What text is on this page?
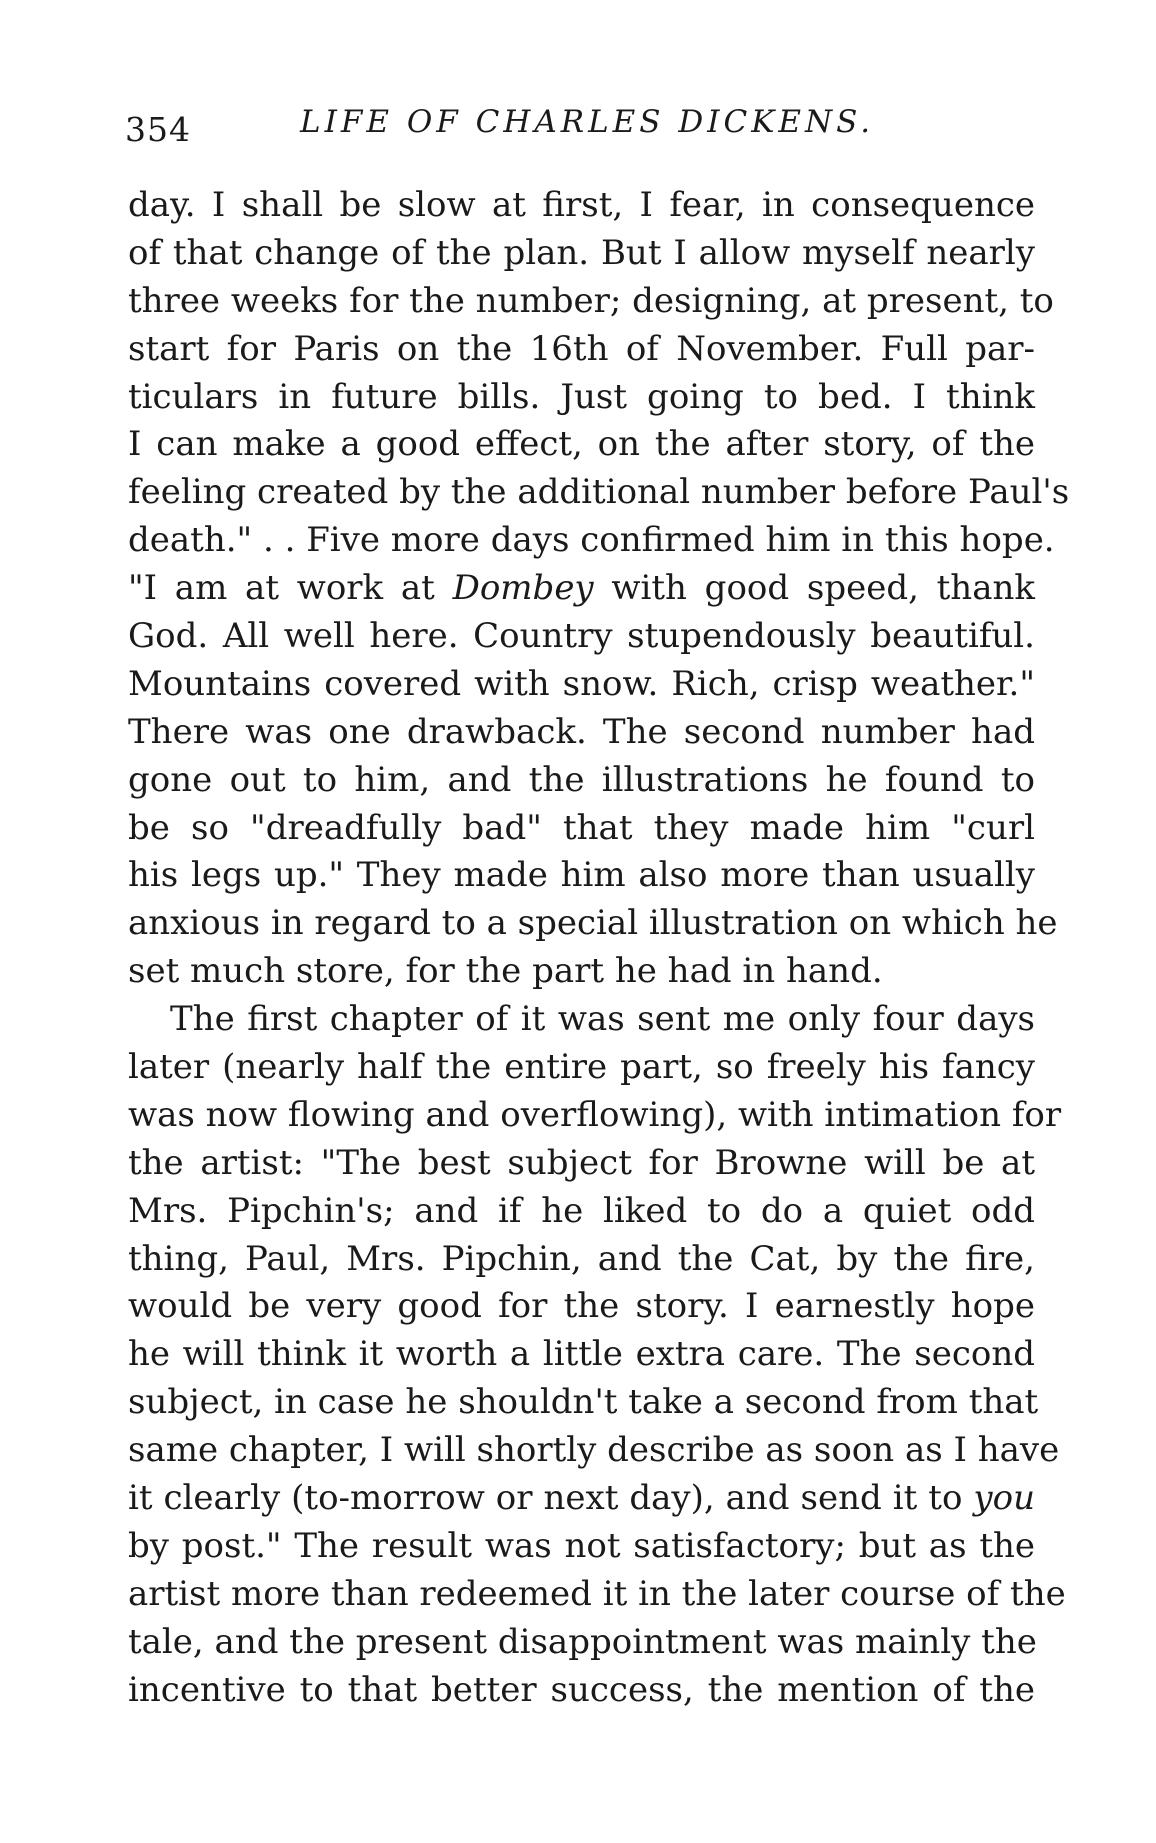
354	LIFE OF CHARLES DICKENS.
day. I shall be slow at first, I fear, in consequence
of that change of the plan. But I allow myself nearly
three weeks for the number; designing, at present, to
start for Paris on the 16th of November. Full par-
ticulars in future bills. Just going to bed. I think
I can make a good effect, on the after story, of the
feeling created by the additional number before Paul's
death." . . Five more days confirmed him in this hope.
"I am at work at Dombey with good speed, thank
God. All well here. Country stupendously beautiful.
Mountains covered with snow. Rich, crisp weather."
There was one drawback. The second number had
gone out to him, and the illustrations he found to
be so "dreadfully bad" that they made him "curl
his legs up." They made him also more than usually
anxious in regard to a special illustration on which he
set much store, for the part he had in hand.
The first chapter of it was sent me only four days
later (nearly half the entire part, so freely his fancy
was now flowing and overflowing), with intimation for
the artist: "The best subject for Browne will be at
Mrs. Pipchin's; and if he liked to do a quiet odd
thing, Paul, Mrs. Pipchin, and the Cat, by the fire,
would be very good for the story. I earnestly hope
he will think it worth a little extra care. The second
subject, in case he shouldn't take a second from that
same chapter, I will shortly describe as soon as I have
it clearly (to-morrow or next day), and send it to you
by post." The result was not satisfactory; but as the
artist more than redeemed it in the later course of the
tale, and the present disappointment was mainly the
incentive to that better success, the mention of the
